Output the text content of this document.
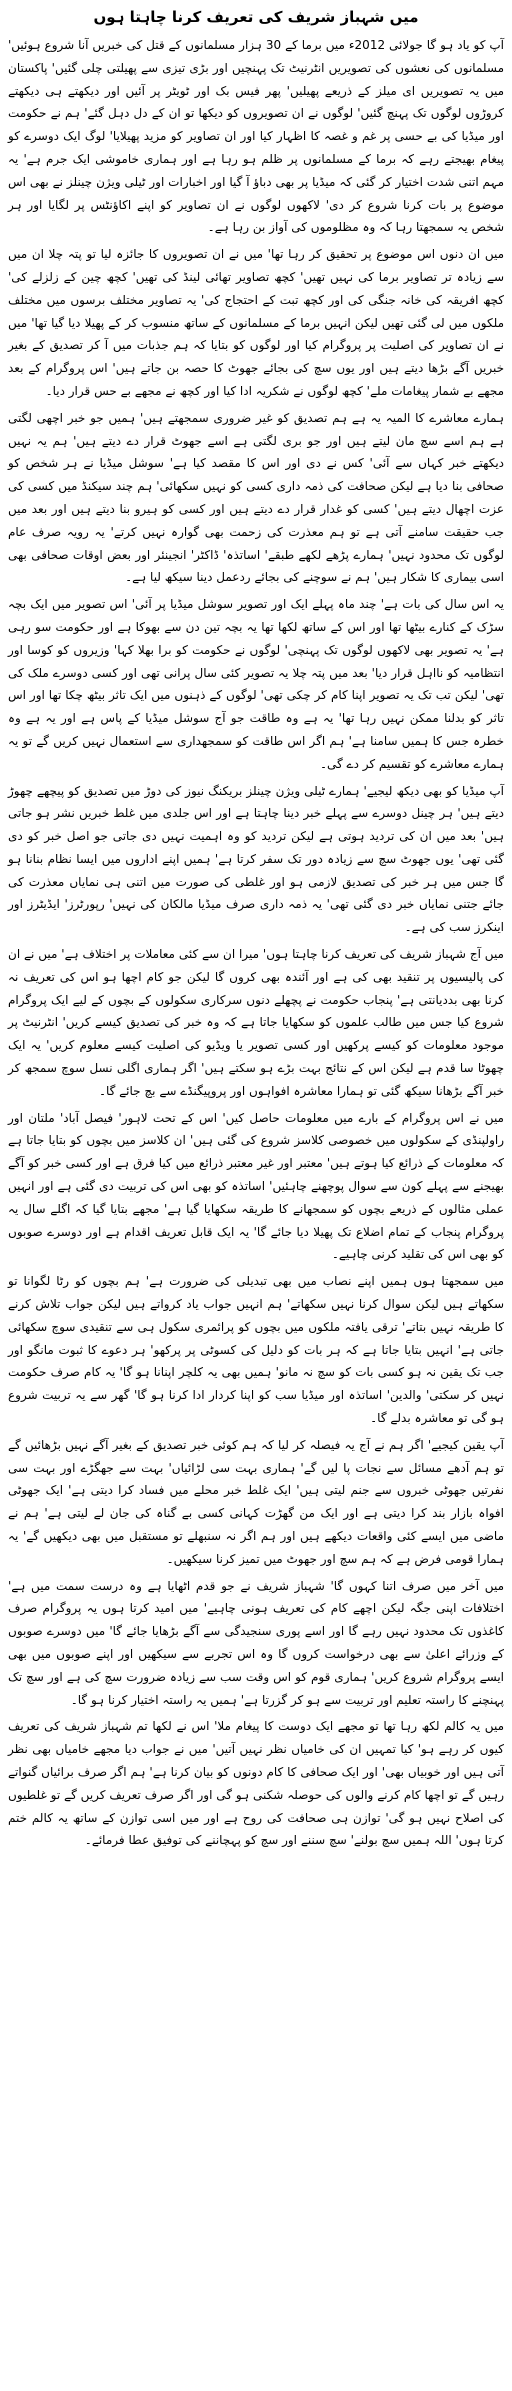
میں شہباز شریف کی تعریف کرنا چاہتا ہوں
آپ کو یاد ہو گا جولائی 2012ء میں برما کے 30 ہزار مسلمانوں کے قتل کی خبریں آنا شروع ہوئیں' مسلمانوں کی نعشوں کی تصویریں انٹرنیٹ تک پہنچیں اور بڑی تیزی سے پھیلتی چلی گئیں' پاکستان میں یہ تصویریں ای میلز کے ذریعے پھیلیں' پھر فیس بک اور ٹویٹر پر آئیں اور دیکھتے ہی دیکھتے کروڑوں لوگوں تک پہنچ گئیں' لوگوں نے ان تصویروں کو دیکھا تو ان کے دل دہل گئے' ہم نے حکومت اور میڈیا کی بے حسی پر غم و غصہ کا اظہار کیا اور ان تصاویر کو مزید پھیلایا' لوگ ایک دوسرے کو پیغام بھیجتے رہے کہ برما کے مسلمانوں پر ظلم ہو رہا ہے اور ہماری خاموشی ایک جرم ہے' یہ مہم اتنی شدت اختیار کر گئی کہ میڈیا پر بھی دباؤ آ گیا اور اخبارات اور ٹیلی ویژن چینلز نے بھی اس موضوع پر بات کرنا شروع کر دی' لاکھوں لوگوں نے ان تصاویر کو اپنے اکاؤنٹس پر لگایا اور ہر شخص یہ سمجھتا رہا کہ وہ مظلوموں کی آواز بن رہا ہے۔
میں ان دنوں اس موضوع پر تحقیق کر رہا تھا' میں نے ان تصویروں کا جائزہ لیا تو پتہ چلا ان میں سے زیادہ تر تصاویر برما کی نہیں تھیں' کچھ تصاویر تھائی لینڈ کی تھیں' کچھ چین کے زلزلے کی' کچھ افریقہ کی خانہ جنگی کی اور کچھ تبت کے احتجاج کی' یہ تصاویر مختلف برسوں میں مختلف ملکوں میں لی گئی تھیں لیکن انہیں برما کے مسلمانوں کے ساتھ منسوب کر کے پھیلا دیا گیا تھا' میں نے ان تصاویر کی اصلیت پر پروگرام کیا اور لوگوں کو بتایا کہ ہم جذبات میں آ کر تصدیق کے بغیر خبریں آگے بڑھا دیتے ہیں اور یوں سچ کی بجائے جھوٹ کا حصہ بن جاتے ہیں' اس پروگرام کے بعد مجھے بے شمار پیغامات ملے' کچھ لوگوں نے شکریہ ادا کیا اور کچھ نے مجھے بے حس قرار دیا۔
ہمارے معاشرے کا المیہ یہ ہے ہم تصدیق کو غیر ضروری سمجھتے ہیں' ہمیں جو خبر اچھی لگتی ہے ہم اسے سچ مان لیتے ہیں اور جو بری لگتی ہے اسے جھوٹ قرار دے دیتے ہیں' ہم یہ نہیں دیکھتے خبر کہاں سے آئی' کس نے دی اور اس کا مقصد کیا ہے' سوشل میڈیا نے ہر شخص کو صحافی بنا دیا ہے لیکن صحافت کی ذمہ داری کسی کو نہیں سکھائی' ہم چند سیکنڈ میں کسی کی عزت اچھال دیتے ہیں' کسی کو غدار قرار دے دیتے ہیں اور کسی کو ہیرو بنا دیتے ہیں اور بعد میں جب حقیقت سامنے آتی ہے تو ہم معذرت کی زحمت بھی گوارہ نہیں کرتے' یہ رویہ صرف عام لوگوں تک محدود نہیں' ہمارے پڑھے لکھے طبقے' اساتذہ' ڈاکٹر' انجینئر اور بعض اوقات صحافی بھی اسی بیماری کا شکار ہیں' ہم نے سوچنے کی بجائے ردعمل دینا سیکھ لیا ہے۔
یہ اس سال کی بات ہے' چند ماہ پہلے ایک اور تصویر سوشل میڈیا پر آئی' اس تصویر میں ایک بچہ سڑک کے کنارے بیٹھا تھا اور اس کے ساتھ لکھا تھا یہ بچہ تین دن سے بھوکا ہے اور حکومت سو رہی ہے' یہ تصویر بھی لاکھوں لوگوں تک پہنچی' لوگوں نے حکومت کو برا بھلا کہا' وزیروں کو کوسا اور انتظامیہ کو نااہل قرار دیا' بعد میں پتہ چلا یہ تصویر کئی سال پرانی تھی اور کسی دوسرے ملک کی تھی' لیکن تب تک یہ تصویر اپنا کام کر چکی تھی' لوگوں کے ذہنوں میں ایک تاثر بیٹھ چکا تھا اور اس تاثر کو بدلنا ممکن نہیں رہا تھا' یہ ہے وہ طاقت جو آج سوشل میڈیا کے پاس ہے اور یہ ہے وہ خطرہ جس کا ہمیں سامنا ہے' ہم اگر اس طاقت کو سمجھداری سے استعمال نہیں کریں گے تو یہ ہمارے معاشرے کو تقسیم کر دے گی۔
آپ میڈیا کو بھی دیکھ لیجیے' ہمارے ٹیلی ویژن چینلز بریکنگ نیوز کی دوڑ میں تصدیق کو پیچھے چھوڑ دیتے ہیں' ہر چینل دوسرے سے پہلے خبر دینا چاہتا ہے اور اس جلدی میں غلط خبریں نشر ہو جاتی ہیں' بعد میں ان کی تردید ہوتی ہے لیکن تردید کو وہ اہمیت نہیں دی جاتی جو اصل خبر کو دی گئی تھی' یوں جھوٹ سچ سے زیادہ دور تک سفر کرتا ہے' ہمیں اپنے اداروں میں ایسا نظام بنانا ہو گا جس میں ہر خبر کی تصدیق لازمی ہو اور غلطی کی صورت میں اتنی ہی نمایاں معذرت کی جائے جتنی نمایاں خبر دی گئی تھی' یہ ذمہ داری صرف میڈیا مالکان کی نہیں' رپورٹرز' ایڈیٹرز اور اینکرز سب کی ہے۔
میں آج شہباز شریف کی تعریف کرنا چاہتا ہوں' میرا ان سے کئی معاملات پر اختلاف ہے' میں نے ان کی پالیسیوں پر تنقید بھی کی ہے اور آئندہ بھی کروں گا لیکن جو کام اچھا ہو اس کی تعریف نہ کرنا بھی بددیانتی ہے' پنجاب حکومت نے پچھلے دنوں سرکاری سکولوں کے بچوں کے لیے ایک پروگرام شروع کیا جس میں طالب علموں کو سکھایا جاتا ہے کہ وہ خبر کی تصدیق کیسے کریں' انٹرنیٹ پر موجود معلومات کو کیسے پرکھیں اور کسی تصویر یا ویڈیو کی اصلیت کیسے معلوم کریں' یہ ایک چھوٹا سا قدم ہے لیکن اس کے نتائج بہت بڑے ہو سکتے ہیں' اگر ہماری اگلی نسل سوچ سمجھ کر خبر آگے بڑھانا سیکھ گئی تو ہمارا معاشرہ افواہوں اور پروپیگنڈے سے بچ جائے گا۔
میں نے اس پروگرام کے بارے میں معلومات حاصل کیں' اس کے تحت لاہور' فیصل آباد' ملتان اور راولپنڈی کے سکولوں میں خصوصی کلاسز شروع کی گئی ہیں' ان کلاسز میں بچوں کو بتایا جاتا ہے کہ معلومات کے ذرائع کیا ہوتے ہیں' معتبر اور غیر معتبر ذرائع میں کیا فرق ہے اور کسی خبر کو آگے بھیجنے سے پہلے کون سے سوال پوچھنے چاہئیں' اساتذہ کو بھی اس کی تربیت دی گئی ہے اور انہیں عملی مثالوں کے ذریعے بچوں کو سمجھانے کا طریقہ سکھایا گیا ہے' مجھے بتایا گیا کہ اگلے سال یہ پروگرام پنجاب کے تمام اضلاع تک پھیلا دیا جائے گا' یہ ایک قابل تعریف اقدام ہے اور دوسرے صوبوں کو بھی اس کی تقلید کرنی چاہیے۔
میں سمجھتا ہوں ہمیں اپنے نصاب میں بھی تبدیلی کی ضرورت ہے' ہم بچوں کو رٹا لگوانا تو سکھاتے ہیں لیکن سوال کرنا نہیں سکھاتے' ہم انہیں جواب یاد کرواتے ہیں لیکن جواب تلاش کرنے کا طریقہ نہیں بتاتے' ترقی یافتہ ملکوں میں بچوں کو پرائمری سکول ہی سے تنقیدی سوچ سکھائی جاتی ہے' انہیں بتایا جاتا ہے کہ ہر بات کو دلیل کی کسوٹی پر پرکھو' ہر دعوے کا ثبوت مانگو اور جب تک یقین نہ ہو کسی بات کو سچ نہ مانو' ہمیں بھی یہ کلچر اپنانا ہو گا' یہ کام صرف حکومت نہیں کر سکتی' والدین' اساتذہ اور میڈیا سب کو اپنا کردار ادا کرنا ہو گا' گھر سے یہ تربیت شروع ہو گی تو معاشرہ بدلے گا۔
آپ یقین کیجیے' اگر ہم نے آج یہ فیصلہ کر لیا کہ ہم کوئی خبر تصدیق کے بغیر آگے نہیں بڑھائیں گے تو ہم آدھے مسائل سے نجات پا لیں گے' ہماری بہت سی لڑائیاں' بہت سے جھگڑے اور بہت سی نفرتیں جھوٹی خبروں سے جنم لیتی ہیں' ایک غلط خبر محلے میں فساد کرا دیتی ہے' ایک جھوٹی افواہ بازار بند کرا دیتی ہے اور ایک من گھڑت کہانی کسی بے گناہ کی جان لے لیتی ہے' ہم نے ماضی میں ایسے کئی واقعات دیکھے ہیں اور ہم اگر نہ سنبھلے تو مستقبل میں بھی دیکھیں گے' یہ ہمارا قومی فرض ہے کہ ہم سچ اور جھوٹ میں تمیز کرنا سیکھیں۔
میں آخر میں صرف اتنا کہوں گا' شہباز شریف نے جو قدم اٹھایا ہے وہ درست سمت میں ہے' اختلافات اپنی جگہ لیکن اچھے کام کی تعریف ہونی چاہیے' میں امید کرتا ہوں یہ پروگرام صرف کاغذوں تک محدود نہیں رہے گا اور اسے پوری سنجیدگی سے آگے بڑھایا جائے گا' میں دوسرے صوبوں کے وزرائے اعلیٰ سے بھی درخواست کروں گا وہ اس تجربے سے سیکھیں اور اپنے صوبوں میں بھی ایسے پروگرام شروع کریں' ہماری قوم کو اس وقت سب سے زیادہ ضرورت سچ کی ہے اور سچ تک پہنچنے کا راستہ تعلیم اور تربیت سے ہو کر گزرتا ہے' ہمیں یہ راستہ اختیار کرنا ہو گا۔
میں یہ کالم لکھ رہا تھا تو مجھے ایک دوست کا پیغام ملا' اس نے لکھا تم شہباز شریف کی تعریف کیوں کر رہے ہو' کیا تمہیں ان کی خامیاں نظر نہیں آتیں' میں نے جواب دیا مجھے خامیاں بھی نظر آتی ہیں اور خوبیاں بھی' اور ایک صحافی کا کام دونوں کو بیان کرنا ہے' ہم اگر صرف برائیاں گنواتے رہیں گے تو اچھا کام کرنے والوں کی حوصلہ شکنی ہو گی اور اگر صرف تعریف کریں گے تو غلطیوں کی اصلاح نہیں ہو گی' توازن ہی صحافت کی روح ہے اور میں اسی توازن کے ساتھ یہ کالم ختم کرتا ہوں' اللہ ہمیں سچ بولنے' سچ سننے اور سچ کو پہچاننے کی توفیق عطا فرمائے۔
